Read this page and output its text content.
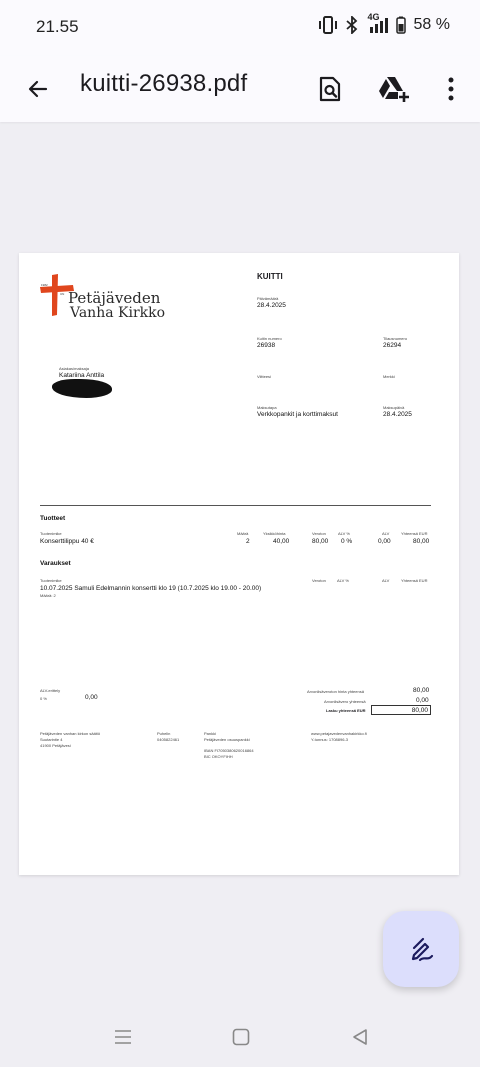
21.55	4G 58 %
kuitti-26938.pdf
1982
UN Petäjäveden
Vanha Kirkko
KUITTI
Päivämäärä
28.4.2025
Kuitin numero
26938
Tilausnumero
26294
Asiakas/maksaja
Katariina Anttila	Viitteesi	Merkki
Maksutapa
Verkkopankit ja korttimaksut
Maksupäivä
28.4.2025
Tuotteet
Tuotenimike	Määrä	Yksikköhinta	Veroton	ALV %	ALV	Yhteensä EUR
Konserttilippu 40 €	2	40,00	80,00 0 %	0,00	80,00
Varaukset
Tuotenimike	Veroton	ALV %	ALV	Yhteensä EUR
10.07.2025 Samuli Edelmannin konsertti klo 19 (10.7.2025 klo 19.00 - 20.00)
Määrä: 2
ALV-erittely
0 %	0,00
Arvonlisäveroton hinta yhteensä	80,00
Arvonlisävero yhteensä	0,00
Lasku yhteensä EUR	80,00
Petäjäveden vanhan kirkon säätiö
Suutarintie 4
41900 Petäjävesi
Puhelin
0405822461
Pankki
Petäjäveden osuuspankki
IBAN FI7050380620016864
BIC OKOYFIHH
www.petajavedenvanhakirkko.fi
Y-tunnus: 1708896-3
